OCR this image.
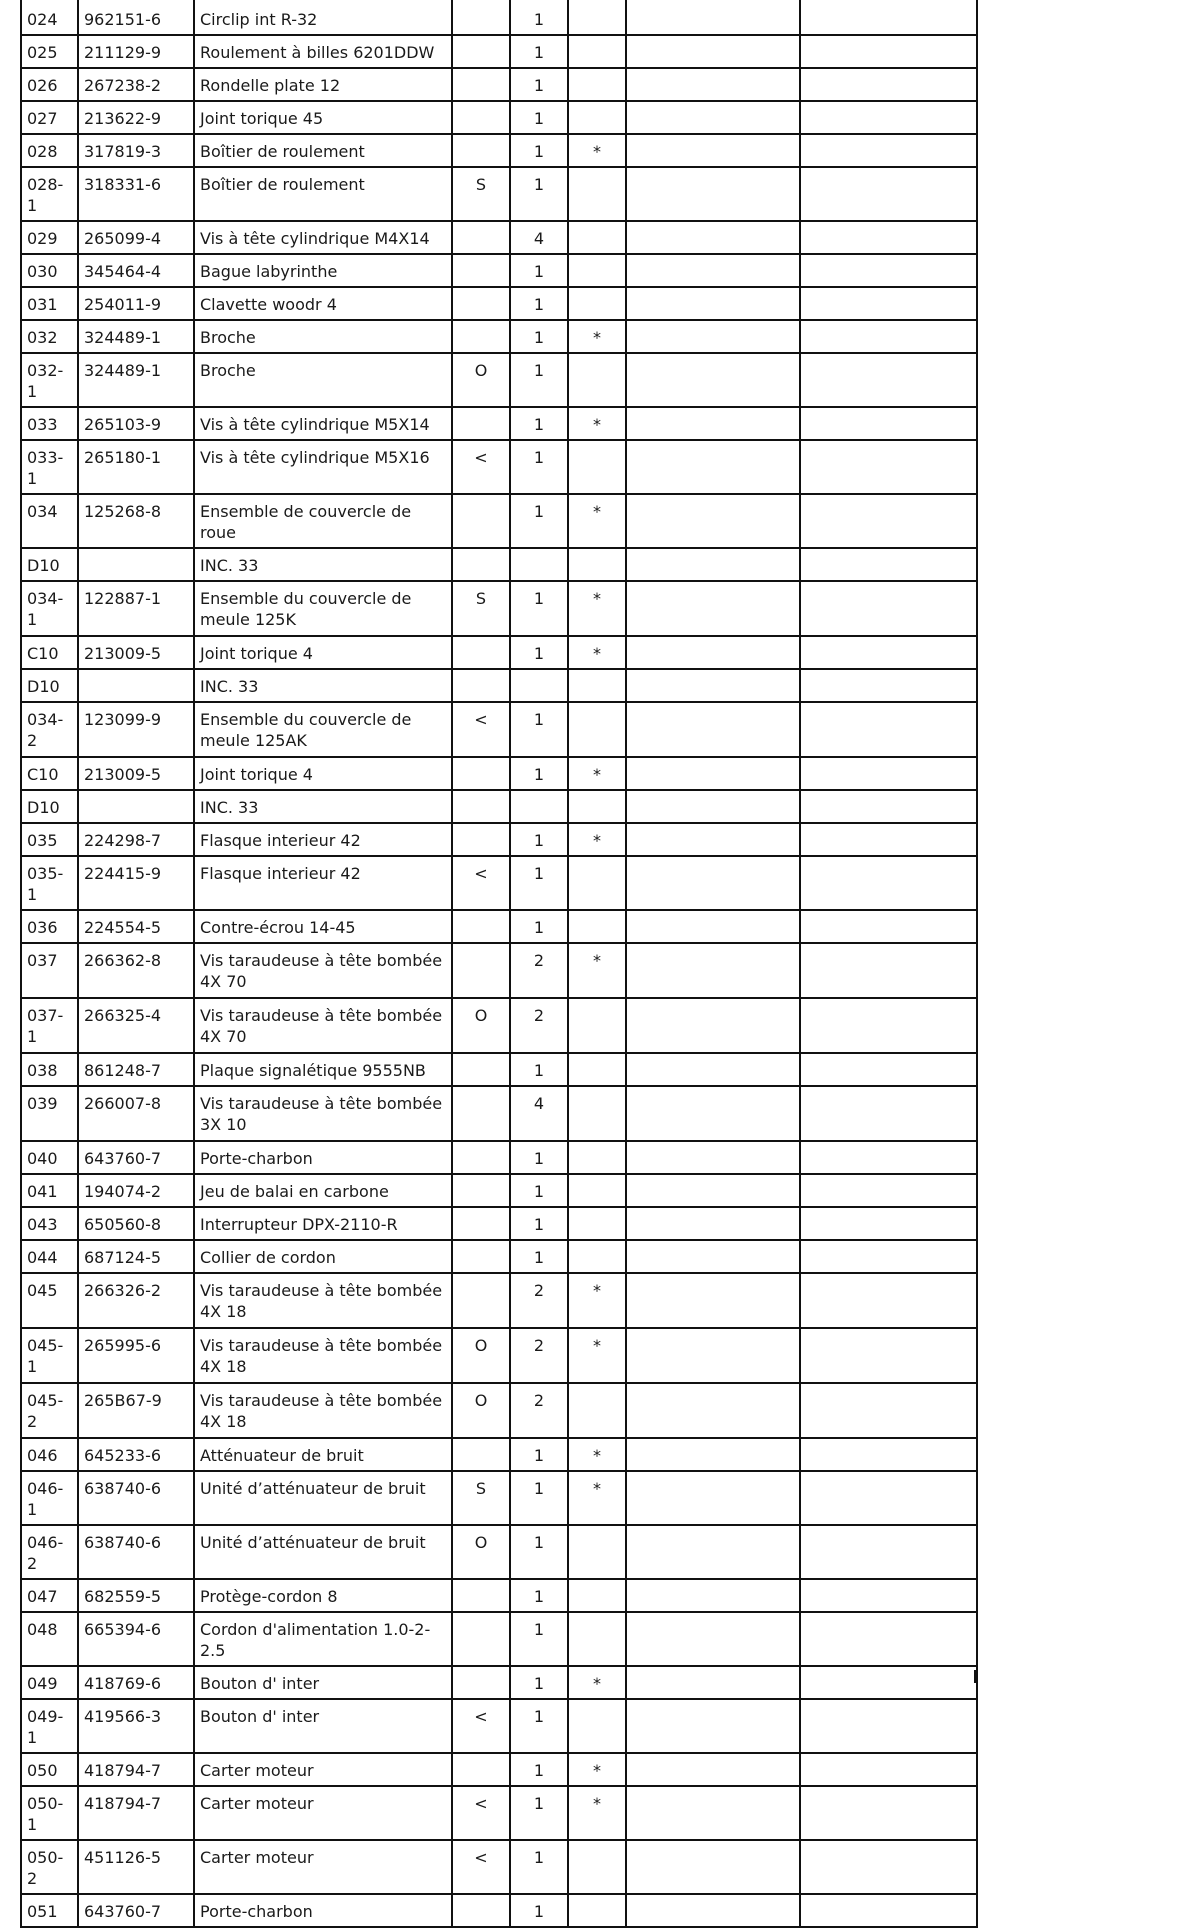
024	962151-6	Circlip int R-32		1			
025	211129-9	Roulement à billes 6201DDW		1			
026	267238-2	Rondelle plate 12		1			
027	213622-9	Joint torique 45		1			
028	317819-3	Boîtier de roulement		1	*		
028-1	318331-6	Boîtier de roulement	S	1			
029	265099-4	Vis à tête cylindrique M4X14		4			
030	345464-4	Bague labyrinthe		1			
031	254011-9	Clavette woodr 4		1			
032	324489-1	Broche		1	*		
032-1	324489-1	Broche	O	1			
033	265103-9	Vis à tête cylindrique M5X14		1	*		
033-1	265180-1	Vis à tête cylindrique M5X16	<	1			
034	125268-8	Ensemble de couvercle de roue		1	*		
D10		INC. 33					
034-1	122887-1	Ensemble du couvercle de meule 125K	S	1	*		
C10	213009-5	Joint torique 4		1	*		
D10		INC. 33					
034-2	123099-9	Ensemble du couvercle de meule 125AK	<	1			
C10	213009-5	Joint torique 4		1	*		
D10		INC. 33					
035	224298-7	Flasque interieur 42		1	*		
035-1	224415-9	Flasque interieur 42	<	1			
036	224554-5	Contre-écrou 14-45		1			
037	266362-8	Vis taraudeuse à tête bombée 4X 70		2	*		
037-1	266325-4	Vis taraudeuse à tête bombée 4X 70	O	2			
038	861248-7	Plaque signalétique 9555NB		1			
039	266007-8	Vis taraudeuse à tête bombée 3X 10		4			
040	643760-7	Porte-charbon		1			
041	194074-2	Jeu de balai en carbone		1			
043	650560-8	Interrupteur DPX-2110-R		1			
044	687124-5	Collier de cordon		1			
045	266326-2	Vis taraudeuse à tête bombée 4X 18		2	*		
045-1	265995-6	Vis taraudeuse à tête bombée 4X 18	O	2	*		
045-2	265B67-9	Vis taraudeuse à tête bombée 4X 18	O	2			
046	645233-6	Atténuateur de bruit		1	*		
046-1	638740-6	Unité d’atténuateur de bruit	S	1	*		
046-2	638740-6	Unité d’atténuateur de bruit	O	1			
047	682559-5	Protège-cordon 8		1			
048	665394-6	Cordon d'alimentation 1.0-2-2.5		1			
049	418769-6	Bouton d' inter		1	*		
049-1	419566-3	Bouton d' inter	<	1			
050	418794-7	Carter moteur		1	*		
050-1	418794-7	Carter moteur	<	1	*		
050-2	451126-5	Carter moteur	<	1			
051	643760-7	Porte-charbon		1			
